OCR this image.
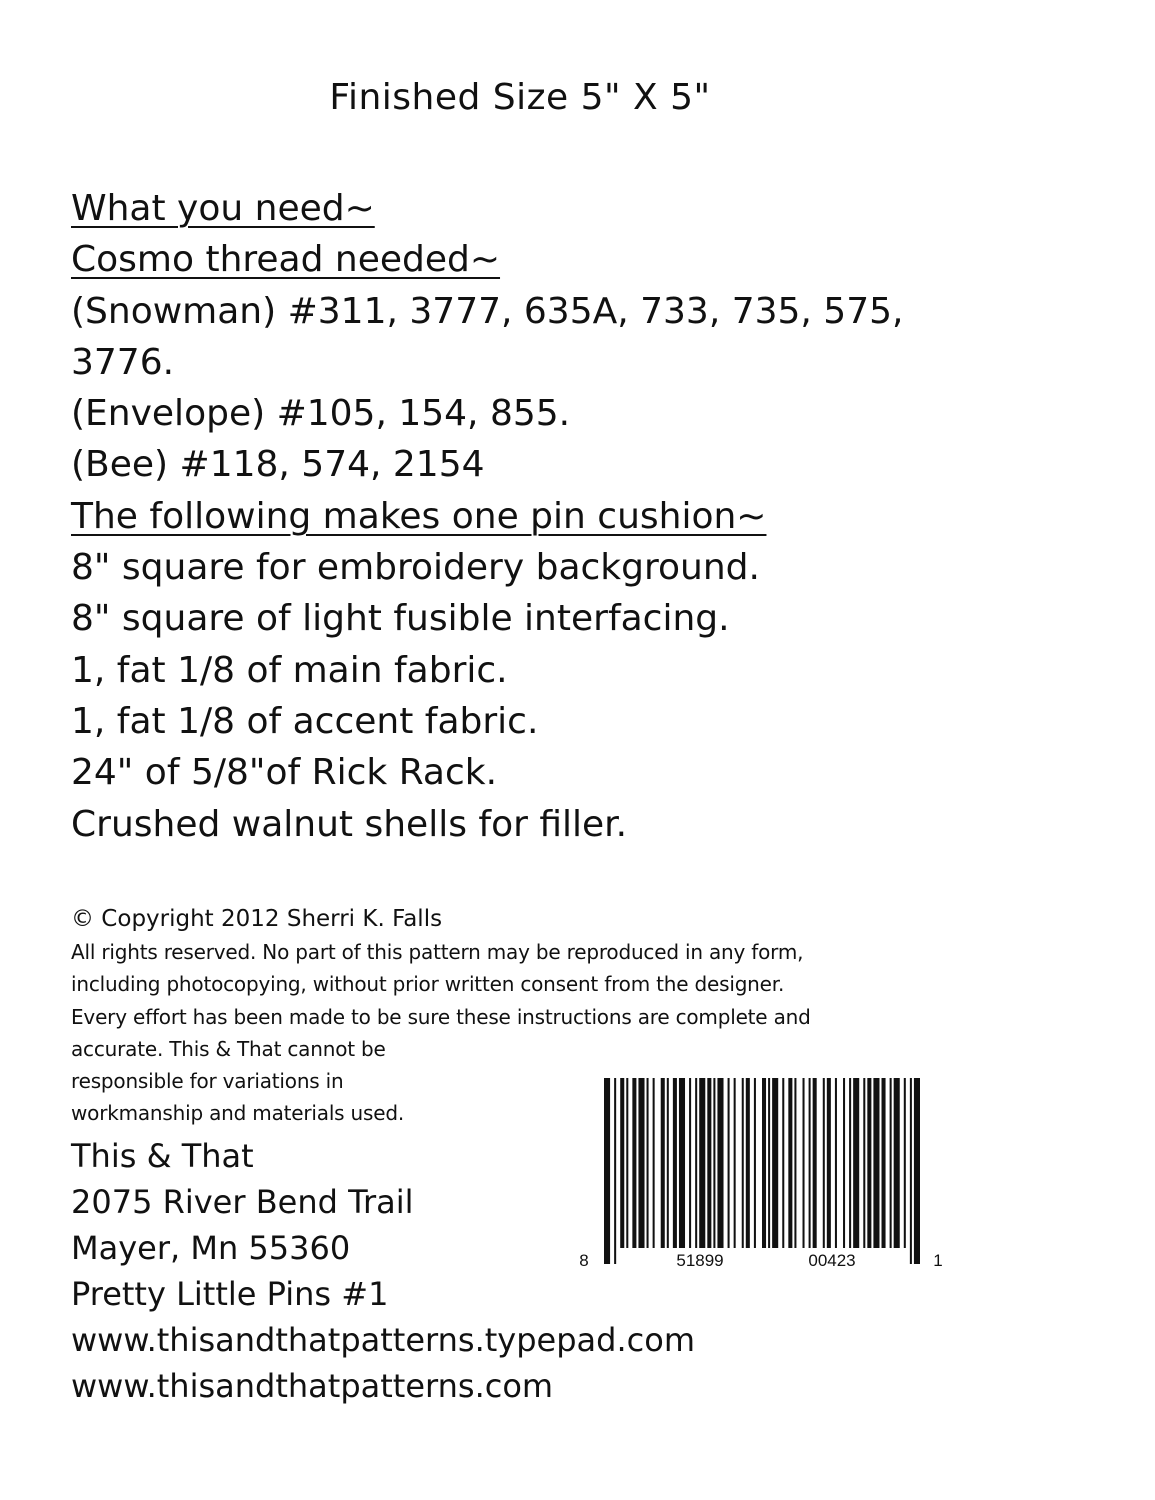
Finished Size 5" X 5"
What you need~
Cosmo thread needed~
(Snowman) #311, 3777, 635A, 733, 735, 575,
3776.
(Envelope) #105, 154, 855.
(Bee) #118, 574, 2154
The following makes one pin cushion~
8" square for embroidery background.
8" square of light fusible interfacing.
1, fat 1/8 of main fabric.
1, fat 1/8 of accent fabric.
24" of 5/8"of Rick Rack.
Crushed walnut shells for filler.
© Copyright 2012 Sherri K. Falls
All rights reserved. No part of this pattern may be reproduced in any form,
including photocopying, without prior written consent from the designer.
Every effort has been made to be sure these instructions are complete and
accurate. This & That cannot be
responsible for variations in
workmanship and materials used.
This & That
2075 River Bend Trail
Mayer, Mn 55360
Pretty Little Pins #1
www.thisandthatpatterns.typepad.com
www.thisandthatpatterns.com
8	51899	00423	1
